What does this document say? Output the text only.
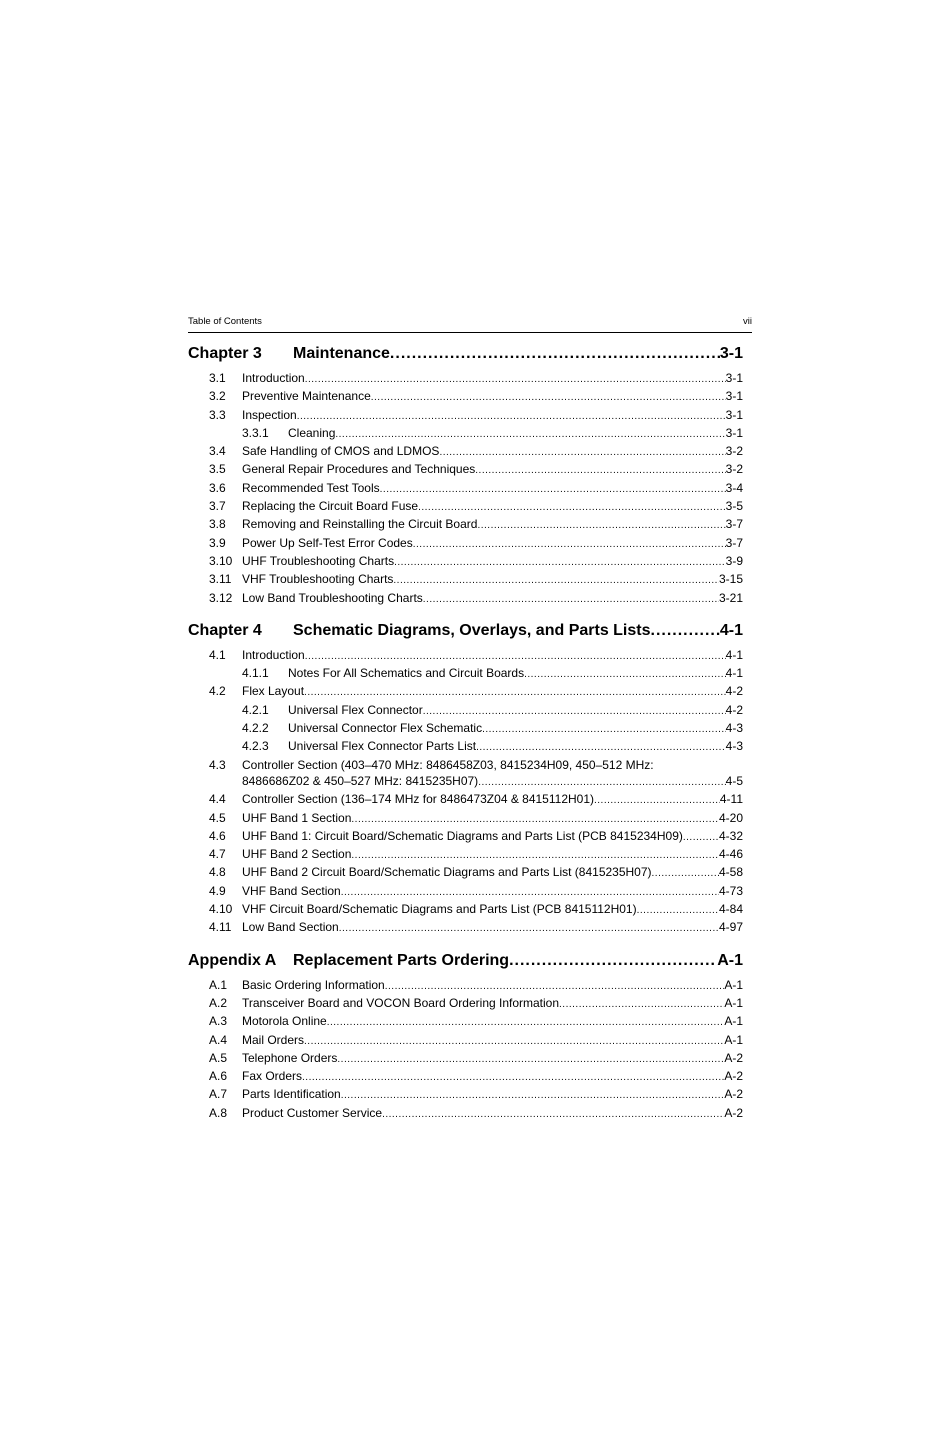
Table of Contents	vii
Chapter 3	Maintenance .....	3-1
3.1	Introduction .....	3-1
3.2	Preventive Maintenance .....	3-1
3.3	Inspection .....	3-1
3.3.1	Cleaning .....	3-1
3.4	Safe Handling of CMOS and LDMOS .....	3-2
3.5	General Repair Procedures and Techniques .....	3-2
3.6	Recommended Test Tools .....	3-4
3.7	Replacing the Circuit Board Fuse .....	3-5
3.8	Removing and Reinstalling the Circuit Board .....	3-7
3.9	Power Up Self-Test Error Codes .....	3-7
3.10 UHF Troubleshooting Charts .....	3-9
3.11 VHF Troubleshooting Charts .....	3-15
3.12 Low Band Troubleshooting Charts .....	3-21
Chapter 4	Schematic Diagrams, Overlays, and Parts Lists .....	4-1
4.1	Introduction .....	4-1
4.1.1	Notes For All Schematics and Circuit Boards .....	4-1
4.2	Flex Layout .....	4-2
4.2.1	Universal Flex Connector .....	4-2
4.2.2	Universal Connector Flex Schematic .....	4-3
4.2.3	Universal Flex Connector Parts List .....	4-3
4.3	Controller Section (403–470 MHz: 8486458Z03, 8415234H09, 450–512 MHz:
8486686Z02 & 450–527 MHz: 8415235H07) .....	4-5
4.4	Controller Section (136–174 MHz for 8486473Z04 & 8415112H01) .....	4-11
4.5	UHF Band 1 Section .....	4-20
4.6	UHF Band 1: Circuit Board/Schematic Diagrams and Parts List (PCB 8415234H09) .....	4-32
4.7	UHF Band 2 Section .....	4-46
4.8	UHF Band 2 Circuit Board/Schematic Diagrams and Parts List (8415235H07) .....	4-58
4.9	VHF Band Section .....	4-73
4.10 VHF Circuit Board/Schematic Diagrams and Parts List (PCB 8415112H01) .....	4-84
4.11 Low Band Section .....	4-97
Appendix A	Replacement Parts Ordering .....	A-1
A.1	Basic Ordering Information .....	A-1
A.2	Transceiver Board and VOCON Board Ordering Information .....	A-1
A.3	Motorola Online .....	A-1
A.4	Mail Orders .....	A-1
A.5	Telephone Orders .....	A-2
A.6	Fax Orders .....	A-2
A.7	Parts Identification .....	A-2
A.8	Product Customer Service .....	A-2
